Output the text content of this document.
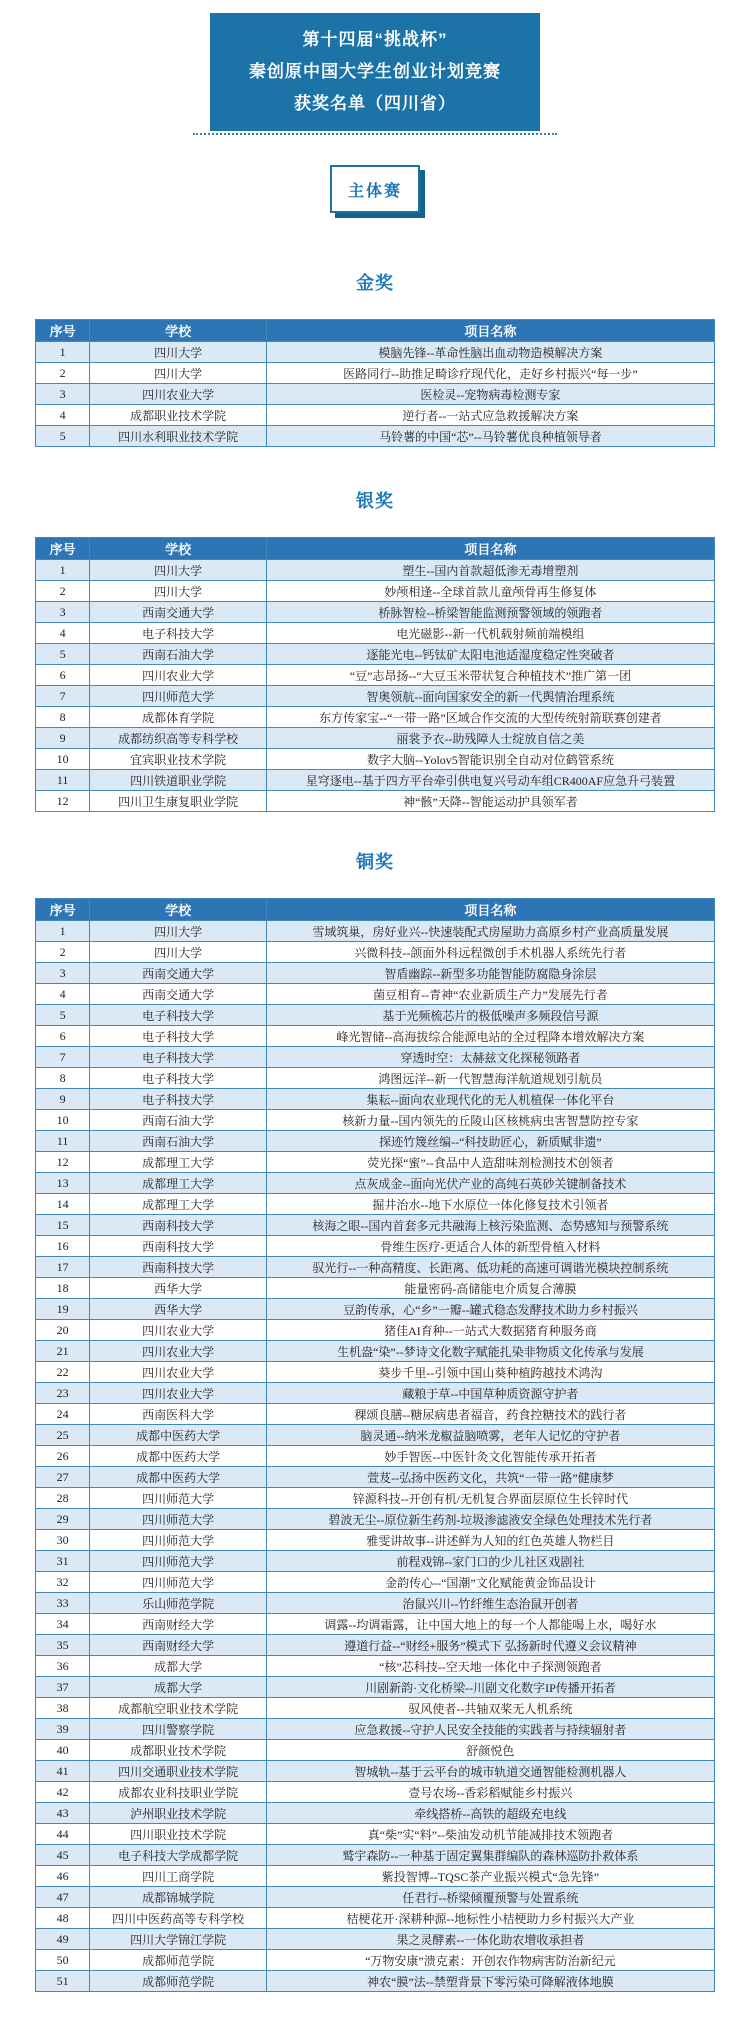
第十四届“挑战杯”
秦创原中国大学生创业计划竞赛
获奖名单（四川省）
主体赛
金奖
序号	学校	项目名称
1	四川大学	模脑先锋--革命性脑出血动物造模解决方案
2	四川大学	医路同行--助推足畸诊疗现代化，走好乡村振兴“每一步”
3	四川农业大学	医检灵--宠物病毒检测专家
4	成都职业技术学院	逆行者--一站式应急救援解决方案
5	四川水利职业技术学院	马铃薯的中国“芯”--马铃薯优良种植领导者
银奖
序号	学校	项目名称
1	四川大学	塑生--国内首款超低渗无毒增塑剂
2	四川大学	妙颅相逢--全球首款儿童颅骨再生修复体
3	西南交通大学	桥脉智检--桥梁智能监测预警领域的领跑者
4	电子科技大学	电光磁影--新一代机载射频前端模组
5	西南石油大学	逐能光电--钙钛矿太阳电池适湿度稳定性突破者
6	四川农业大学	“豆”志昂扬--“大豆玉米带状复合种植技术”推广第一团
7	四川师范大学	智奥领航--面向国家安全的新一代舆情治理系统
8	成都体育学院	东方传家宝--“一带一路”区域合作交流的大型传统射箭联赛创建者
9	成都纺织高等专科学校	丽裳予衣--助残障人士绽放自信之美
10	宜宾职业技术学院	数字大脑--Yolov5智能识别全自动对位鹤管系统
11	四川铁道职业学院	星穹逐电--基于四方平台牵引供电复兴号动车组CR400AF应急升弓装置
12	四川卫生康复职业学院	神“骸”天降--智能运动护具领军者
铜奖
序号	学校	项目名称
1	四川大学	雪域筑巢，房好业兴--快速装配式房屋助力高原乡村产业高质量发展
2	四川大学	兴微科技--颌面外科远程微创手术机器人系统先行者
3	西南交通大学	智盾幽踪--新型多功能智能防腐隐身涂层
4	西南交通大学	菌豆相育--青神“农业新质生产力”发展先行者
5	电子科技大学	基于光频梳芯片的极低噪声多频段信号源
6	电子科技大学	峰光智储--高海拔综合能源电站的全过程降本增效解决方案
7	电子科技大学	穿透时空：太赫兹文化探秘领路者
8	电子科技大学	鸿图远洋--新一代智慧海洋航道规划引航员
9	电子科技大学	集耘--面向农业现代化的无人机植保一体化平台
10	西南石油大学	核新力量--国内领先的丘陵山区核桃病虫害智慧防控专家
11	西南石油大学	探迹竹篾丝编--“科技助匠心，新质赋非遗”
12	成都理工大学	荧光探“蜜”--食品中人造甜味剂检测技术创领者
13	成都理工大学	点灰成金--面向光伏产业的高纯石英砂关键制备技术
14	成都理工大学	掘井治水--地下水原位一体化修复技术引领者
15	西南科技大学	核海之眼--国内首套多元共融海上核污染监测、态势感知与预警系统
16	西南科技大学	骨维生医疗-更适合人体的新型骨植入材料
17	西南科技大学	驭光行--一种高精度、长距离、低功耗的高速可调谐光模块控制系统
18	西华大学	能量密码-高储能电介质复合薄膜
19	西华大学	豆韵传承，心“乡”一瓣--罐式稳态发酵技术助力乡村振兴
20	四川农业大学	猪佳AI育种--一站式大数据猪育种服务商
21	四川农业大学	生机盎“染”--梦诗文化数字赋能扎染非物质文化传承与发展
22	四川农业大学	葵步千里--引领中国山葵种植跨越技术鸿沟
23	四川农业大学	藏粮于草--中国草种质资源守护者
24	西南医科大学	稞颂良膳--糖尿病患者福音，药食控糖技术的践行者
25	成都中医药大学	脑灵通--纳米龙椒益脑喷雾，老年人记忆的守护者
26	成都中医药大学	妙手智医--中医针灸文化智能传承开拓者
27	成都中医药大学	萱芨--弘扬中医药文化，共筑“一带一路”健康梦
28	四川师范大学	锌源科技--开创有机/无机复合界面层原位生长锌时代
29	四川师范大学	碧波无尘--原位新生药剂-垃圾渗滤液安全绿色处理技术先行者
30	四川师范大学	雅雯讲故事--讲述鲜为人知的红色英雄人物栏目
31	四川师范大学	前程戏锦--家门口的少儿社区戏剧社
32	四川师范大学	金韵传心--“国潮”文化赋能黄金饰品设计
33	乐山师范学院	治鼠兴川--竹纤维生态治鼠开创者
34	西南财经大学	调露--均调霜露，让中国大地上的每一个人都能喝上水，喝好水
35	西南财经大学	遵道行益--“财经+服务”模式下 弘扬新时代遵义会议精神
36	成都大学	“核”芯科技--空天地一体化中子探测领跑者
37	成都大学	川剧新韵·文化桥梁--川剧文化数字IP传播开拓者
38	成都航空职业技术学院	驭风使者--共轴双桨无人机系统
39	四川警察学院	应急救援--守护人民安全技能的实践者与持续辐射者
40	成都职业技术学院	舒颜悦色
41	四川交通职业技术学院	智城轨--基于云平台的城市轨道交通智能检测机器人
42	成都农业科技职业学院	壹号农场--香彩稻赋能乡村振兴
43	泸州职业技术学院	牵线搭桥--高铁的超级充电线
44	四川职业技术学院	真“柴”实“料”--柴油发动机节能减排技术领跑者
45	电子科技大学成都学院	鹫宇森防--一种基于固定翼集群编队的森林巡防扑救体系
46	四川工商学院	紫投智博--TQSC茶产业振兴模式“急先锋”
47	成都锦城学院	任君行--桥梁倾覆预警与处置系统
48	四川中医药高等专科学校	桔梗花开·深耕种源--地标性小桔梗助力乡村振兴大产业
49	四川大学锦江学院	果之灵酵素--一体化助农增收承担者
50	成都师范学院	“万物安康”溃克素：开创农作物病害防治新纪元
51	成都师范学院	神农“膜”法--禁塑背景下零污染可降解液体地膜
